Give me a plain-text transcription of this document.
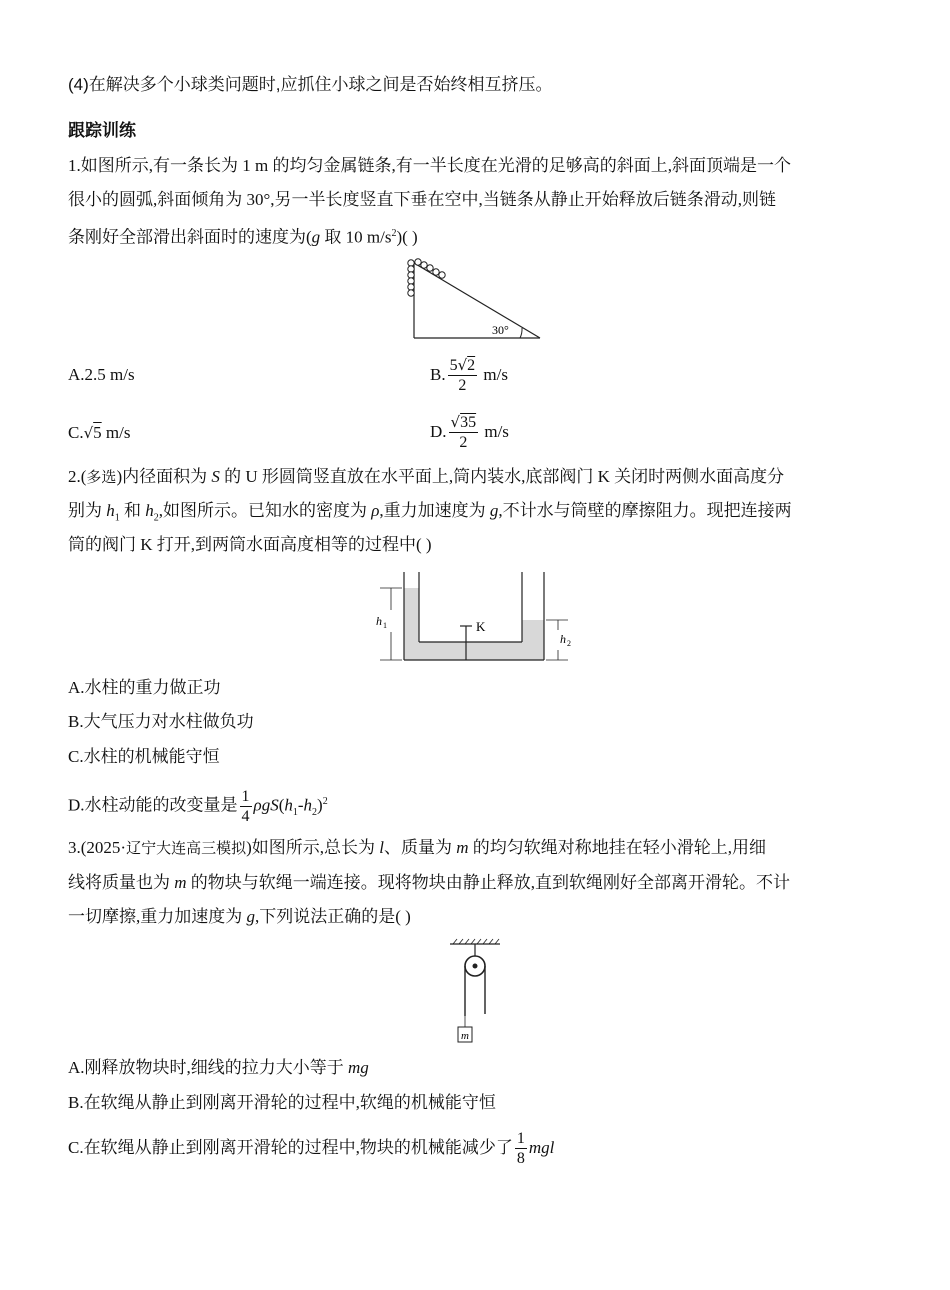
(4)在解决多个小球类问题时,应抓住小球之间是否始终相互挤压。
跟踪训练
1.如图所示,有一条长为 1 m 的均匀金属链条,有一半长度在光滑的足够高的斜面上,斜面顶端是一个
很小的圆弧,斜面倾角为 30°,另一半长度竖直下垂在空中,当链条从静止开始释放后链条滑动,则链
条刚好全部滑出斜面时的速度为(g 取 10 $m/s^2$)( )
30°
A.2.5 m/s	B. $\frac{5√2}{2} m/s$
C.√5 m/s	D. $\frac{√35}{2} m/s$
2.(多选)内径面积为 S 的 U 形圆筒竖直放在水平面上,筒内装水,底部阀门 K 关闭时两侧水面高度分
别为 $h_1$ 和 $h_2$,如图所示。已知水的密度为 ρ,重力加速度为 g,不计水与筒壁的摩擦阻力。现把连接两
筒的阀门 K 打开,到两筒水面高度相等的过程中( )
K
h 1
h 2
A.水柱的重力做正功
B.大气压力对水柱做负功
C.水柱的机械能守恒
D.水柱动能的改变量是 $\frac{1}{4} \rho gS(h_1-h_2)^2$
3.(2025·辽宁大连高三模拟)如图所示,总长为 l、质量为 m 的均匀软绳对称地挂在轻小滑轮上,用细
线将质量也为 m 的物块与软绳一端连接。现将物块由静止释放,直到软绳刚好全部离开滑轮。不计
一切摩擦,重力加速度为 g,下列说法正确的是( )
m
A.刚释放物块时,细线的拉力大小等于 mg
B.在软绳从静止到刚离开滑轮的过程中,软绳的机械能守恒
C.在软绳从静止到刚离开滑轮的过程中,物块的机械能减少了 $\frac{1}{8}$ mgl
